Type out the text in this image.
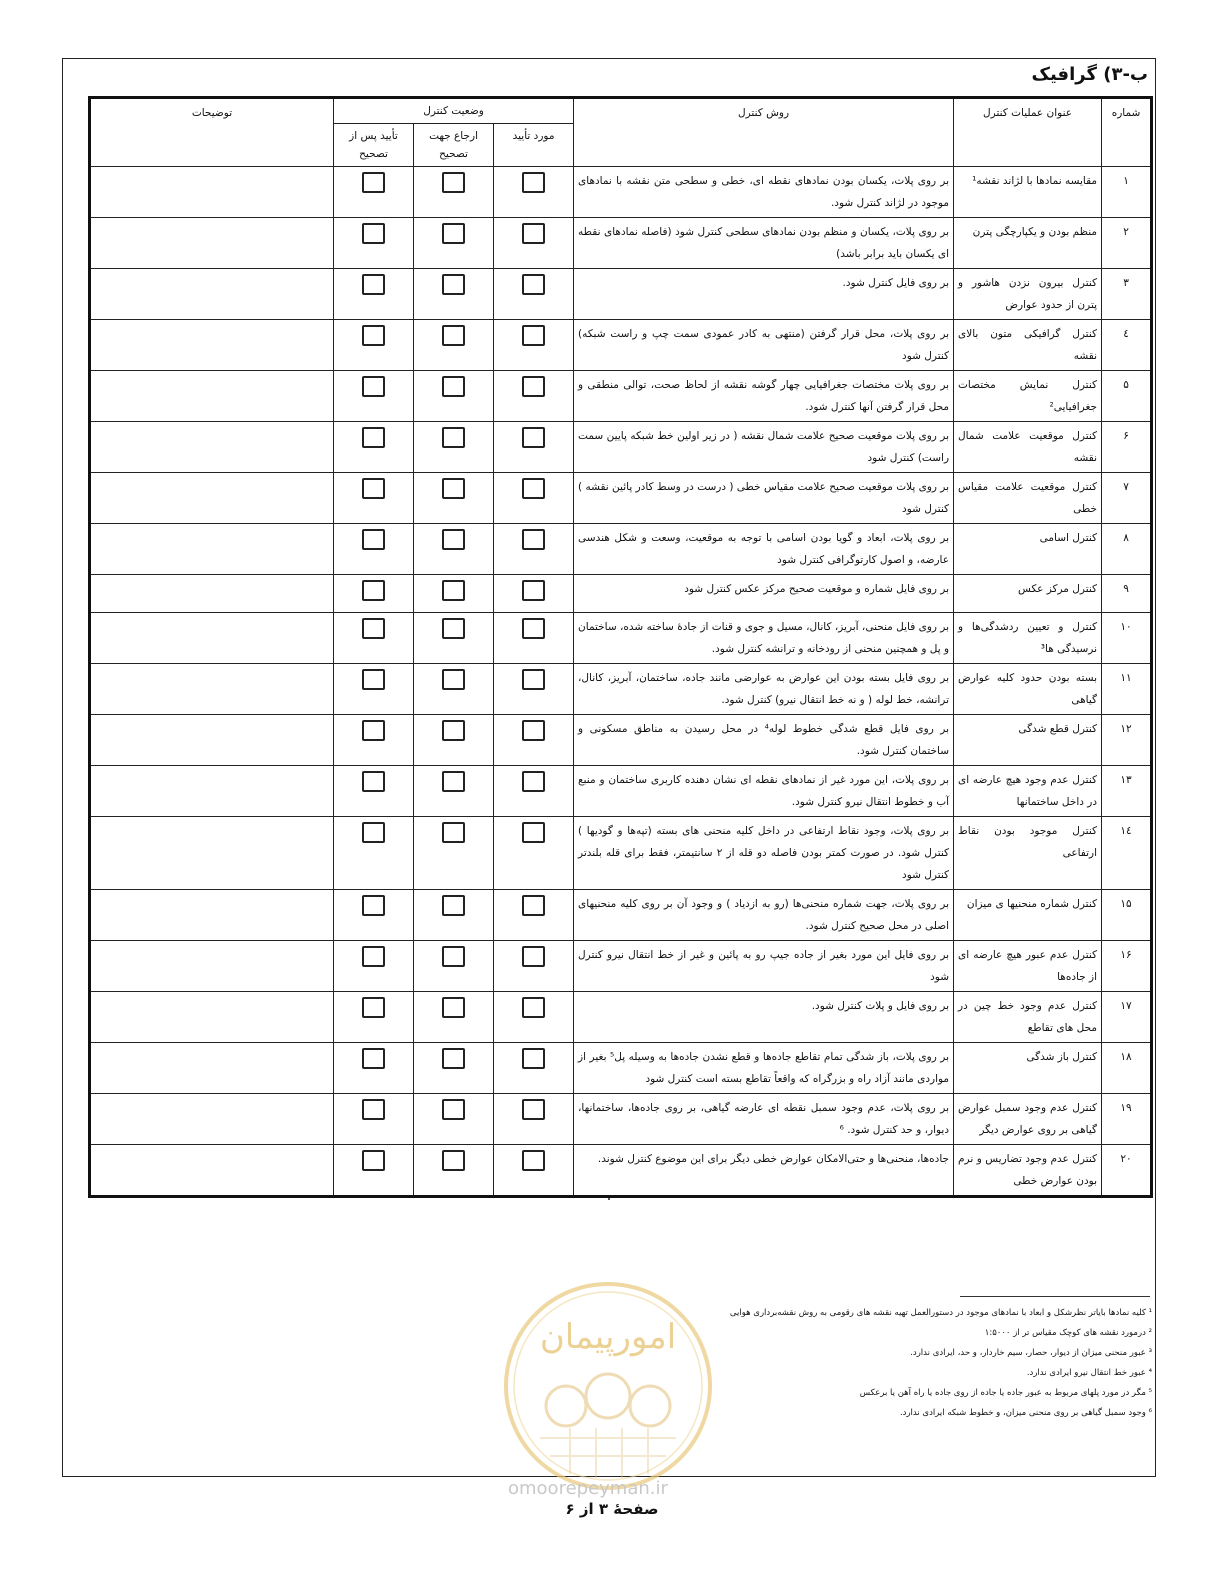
ب-۳) گرافیک
شماره	عنوان عملیات کنترل	روش کنترل	وضعیت کنترل			توضیحات
			مورد تأیید	ارجاع جهت تصحیح	تأیید پس از تصحیح	
۱	مقایسه نمادها با لژاند نقشه¹	بر روی پلات، یکسان بودن نمادهای نقطه ای، خطی و سطحی متن نقشه با نمادهای موجود در لژاند کنترل شود.				
۲	منظم بودن و یکپارچگی پترن	بر روی پلات، یکسان و منظم بودن نمادهای سطحی کنترل شود (فاصله نمادهای نقطه ای یکسان باید برابر باشد)				
۳	کنترل بیرون نزدن هاشور و پترن از حدود عوارض	بر روی فایل کنترل شود.				
٤	کنترل گرافیکی متون بالای نقشه	بر روی پلات، محل قرار گرفتن (منتهی به کادر عمودی سمت چپ و راست شبکه) کنترل شود				
۵	کنترل نمایش مختصات جغرافیایی²	بر روی پلات مختصات جغرافیایی چهار گوشه نقشه از لحاظ صحت، توالی منطقی و محل قرار گرفتن آنها کنترل شود.				
۶	کنترل موقعیت علامت شمال نقشه	بر روی پلات موقعیت صحیح علامت شمال نقشه ( در زیر اولین خط شبکه پایین سمت راست) کنترل شود				
۷	کنترل موقعیت علامت مقیاس خطی	بر روی پلات موقعیت صحیح علامت مقیاس خطی ( درست در وسط کادر پائین نقشه ) کنترل شود				
۸	کنترل اسامی	بر روی پلات، ابعاد و گویا بودن اسامی با توجه به موقعیت، وسعت و شکل هندسی عارضه، و اصول کارتوگرافی کنترل شود				
۹	کنترل مرکز عکس	بر روی فایل شماره و موقعیت صحیح مرکز عکس کنترل شود				
۱۰	کنترل و تعیین ردشدگی‌ها و نرسیدگی ها³	بر روی فایل منحنی، آبریز، کانال، مسیل و جوی و قنات از جادهٔ ساخته شده، ساختمان و پل و همچنین منحنی از رودخانه و ترانشه کنترل شود.				
۱۱	بسته بودن حدود کلیه عوارض گیاهی	بر روی فایل بسته بودن این عوارض به عوارضی مانند جاده، ساختمان، آبریز، کانال، ترانشه، خط لوله ( و نه خط انتقال نیرو) کنترل شود.				
۱۲	کنترل قطع شدگی	بر روی فایل قطع شدگی خطوط لوله⁴ در محل رسیدن به مناطق مسکونی و ساختمان کنترل شود.				
۱۳	کنترل عدم وجود هیچ عارضه ای در داخل ساختمانها	بر روی پلات، این مورد غیر از نمادهای نقطه ای نشان دهنده کاربری ساختمان و منبع آب و خطوط انتقال نیرو کنترل شود.				
۱٤	کنترل موجود بودن نقاط ارتفاعی	بر روی پلات، وجود نقاط ارتفاعی در داخل کلیه منحنی های بسته (تپه‌ها و گودیها ) کنترل شود. در صورت کمتر بودن فاصله دو قله از ۲ سانتیمتر، فقط برای قله بلندتر کنترل شود				
۱۵	کنترل شماره منحنیها ی میزان	بر روی پلات، جهت شماره منحنی‌ها (رو به ازدیاد ) و وجود آن بر روی کلیه منحنیهای اصلی در محل صحیح کنترل شود.				
۱۶	کنترل عدم عبور هیچ عارضه ای از جاده‌ها	بر روی فایل این مورد بغیر از جاده جیپ رو به پائین و غیر از خط انتقال نیرو کنترل شود				
۱۷	کنترل عدم وجود خط چین در محل های تقاطع	بر روی فایل و پلات کنترل شود.				
۱۸	کنترل باز شدگی	بر روی پلات، باز شدگی تمام تقاطع جاده‌ها و قطع نشدن جاده‌ها به وسیله پل⁵ بغیر از مواردی مانند آزاد راه و بزرگراه که واقعاً تقاطع بسته است کنترل شود				
۱۹	کنترل عدم وجود سمبل عوارض گیاهی بر روی عوارض دیگر	بر روی پلات، عدم وجود سمبل نقطه ای عارضه گیاهی، بر روی جاده‌ها، ساختمانها، دیوار، و حد کنترل شود. ⁶				
۲۰	کنترل عدم وجود تضاریس و نرم بودن عوارض خطی	جاده‌ها، منحنی‌ها و حتی‌الامکان عوارض خطی دیگر برای این موضوع کنترل شوند.				
¹ کلیه نمادها بایاتر نظرشکل و ابعاد با نمادهای موجود در دستورالعمل تهیه نقشه های رقومی به روش نقشه‌برداری هوایی
² درمورد نقشه های کوچک مقیاس تر از ۱:۵۰۰۰
³ عبور منحنی میزان از دیوار، حصار، سیم خاردار، و حد، ایرادی ندارد.
⁴ عبور خط انتقال نیرو ایرادی ندارد.
⁵ مگر در مورد پلهای مربوط به عبور جاده یا جاده از روی جاده یا راه آهن یا برعکس
⁶ وجود سمبل گیاهی بر روی منحنی میزان، و خطوط شبکه ایرادی ندارد.
امورپیمان
omoorepeyman.ir
صفحهٔ ۳ از ۶
